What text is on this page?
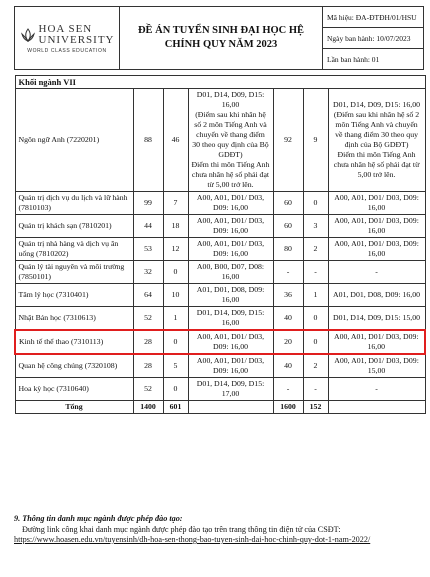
HOA SEN
UNIVERSITY
WORLD CLASS EDUCATION
ĐỀ ÁN TUYỂN SINH ĐẠI HỌC HỆ CHÍNH QUY NĂM 2023
Mã hiệu: ĐA-ĐTĐH/01/HSU
Ngày ban hành: 10/07/2023
Lần ban hành: 01
Khối ngành VII						
Ngôn ngữ Anh (7220201)	88	46	D01, D14, D09, D15: 16,00
(Điểm sau khi nhân hệ số 2 môn Tiếng Anh và chuyển về thang điểm 30 theo quy định của Bộ GDĐT)
Điểm thi môn Tiếng Anh chưa nhân hệ số phải đạt từ 5,00 trở lên.	92	9	D01, D14, D09, D15: 16,00
(Điểm sau khi nhân hệ số 2 môn Tiếng Anh và chuyển về thang điểm 30 theo quy định của Bộ GDĐT)
Điểm thi môn Tiếng Anh chưa nhân hệ số phải đạt từ 5,00 trở lên.
Quản trị dịch vụ du lịch và lữ hành (7810103)	99	7	A00, A01, D01/ D03, D09: 16,00	60	0	A00, A01, D01/ D03, D09: 16,00
Quản trị khách sạn (7810201)	44	18	A00, A01, D01/ D03, D09: 16,00	60	3	A00, A01, D01/ D03, D09: 16,00
Quản trị nhà hàng và dịch vụ ăn uống (7810202)	53	12	A00, A01, D01/ D03, D09: 16,00	80	2	A00, A01, D01/ D03, D09: 16,00
Quản lý tài nguyên và môi trường (7850101)	32	0	A00, B00, D07, D08: 16,00	-	-	-
Tâm lý học (7310401)	64	10	A01, D01, D08, D09: 16,00	36	1	A01, D01, D08, D09: 16,00
Nhật Bản học (7310613)	52	1	D01, D14, D09, D15: 16,00	40	0	D01, D14, D09, D15: 15,00
Kinh tế thể thao (7310113)	28	0	A00, A01, D01/ D03, D09: 16,00	20	0	A00, A01, D01/ D03, D09: 16,00
Quan hệ công chúng (7320108)	28	5	A00, A01, D01/ D03, D09: 16,00	40	2	A00, A01, D01/ D03, D09: 15,00
Hoa kỳ học (7310640)	52	0	D01, D14, D09, D15: 17,00	-	-	-
Tổng	1400	601		1600	152	
9. Thông tin danh mục ngành được phép đào tạo:
Đường link công khai danh mục ngành được phép đào tạo trên trang thông tin điện tử của CSĐT:
https://www.hoasen.edu.vn/tuyensinh/dh-hoa-sen-thong-bao-tuyen-sinh-dai-hoc-chinh-quy-dot-1-nam-2022/
